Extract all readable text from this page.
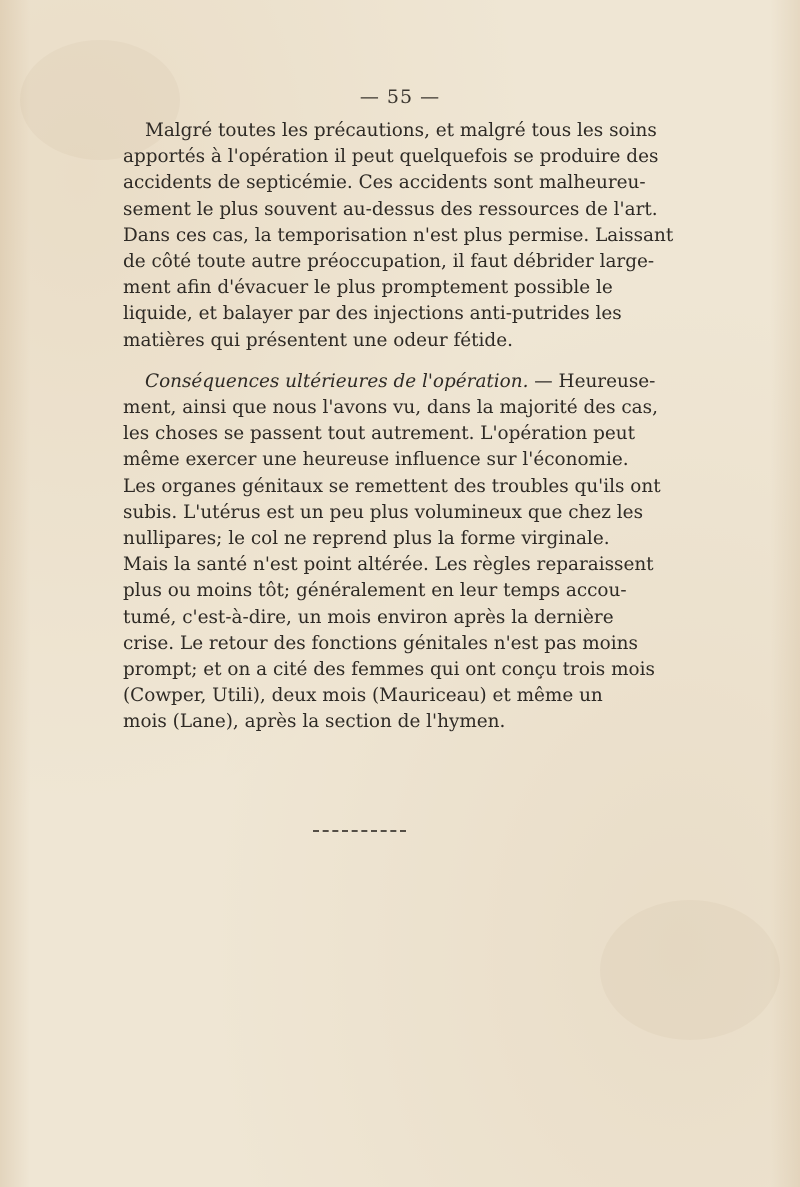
— 55 —

Malgré toutes les précautions, et malgré tous les soins
apportés à l'opération il peut quelquefois se produire des
accidents de septicémie. Ces accidents sont malheureu-
sement le plus souvent au-dessus des ressources de l'art.
Dans ces cas, la temporisation n'est plus permise. Laissant
de côté toute autre préoccupation, il faut débrider large-
ment afin d'évacuer le plus promptement possible le
liquide, et balayer par des injections anti-putrides les
matières qui présentent une odeur fétide.

Conséquences ultérieures de l'opération. — Heureuse-
ment, ainsi que nous l'avons vu, dans la majorité des cas,
les choses se passent tout autrement. L'opération peut
même exercer une heureuse influence sur l'économie.
Les organes génitaux se remettent des troubles qu'ils ont
subis. L'utérus est un peu plus volumineux que chez les
nullipares; le col ne reprend plus la forme virginale.
Mais la santé n'est point altérée. Les règles reparaissent
plus ou moins tôt; généralement en leur temps accou-
tumé, c'est-à-dire, un mois environ après la dernière
crise. Le retour des fonctions génitales n'est pas moins
prompt; et on a cité des femmes qui ont conçu trois mois
(Cowper, Utili), deux mois (Mauriceau) et même un
mois (Lane), après la section de l'hymen.
